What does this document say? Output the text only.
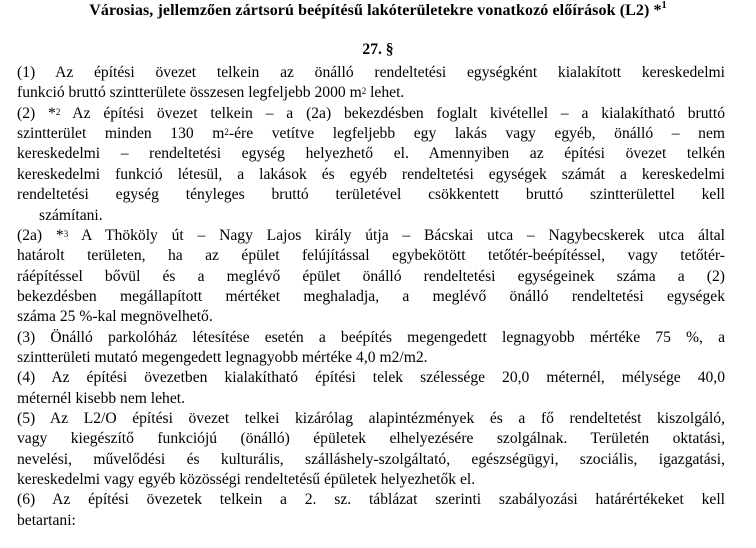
Városias, jellemzően zártsorú beépítésű lakóterületekre vonatkozó előírások (L2) *$^1$
27. §
(1) Az építési övezet telkein az önálló rendeltetési egységként kialakított kereskedelmi
funkció bruttó szintterülete összesen legfeljebb 2000 $m^2$ lehet.
(2) *$^2$ Az építési övezet telkein – a (2a) bekezdésben foglalt kivétellel – a kialakítható bruttó
szintterület minden 130 $m^2$-ére vetítve legfeljebb egy lakás vagy egyéb, önálló – nem
kereskedelmi – rendeltetési egység helyezhető el. Amennyiben az építési övezet telkén
kereskedelmi funkció létesül, a lakások és egyéb rendeltetési egységek számát a kereskedelmi
rendeltetési egység tényleges bruttó területével csökkentett bruttó szintterülettel kell
számítani.
(2a) *$^3$ A Thököly út – Nagy Lajos király útja – Bácskai utca – Nagybecskerek utca által
határolt területen, ha az épület felújítással egybekötött tetőtér-beépítéssel, vagy tetőtér-
ráépítéssel bővül és a meglévő épület önálló rendeltetési egységeinek száma a (2)
bekezdésben megállapított mértéket meghaladja, a meglévő önálló rendeltetési egységek
száma 25 %-kal megnövelhető.
(3) Önálló parkolóház létesítése esetén a beépítés megengedett legnagyobb mértéke 75 %, a
szintterületi mutató megengedett legnagyobb mértéke 4,0 m2/m2.
(4) Az építési övezetben kialakítható építési telek szélessége 20,0 méternél, mélysége 40,0
méternél kisebb nem lehet.
(5) Az L2/O építési övezet telkei kizárólag alapintézmények és a fő rendeltetést kiszolgáló,
vagy kiegészítő funkciójú (önálló) épületek elhelyezésére szolgálnak. Területén oktatási,
nevelési, művelődési és kulturális, szálláshely-szolgáltató, egészségügyi, szociális, igazgatási,
kereskedelmi vagy egyéb közösségi rendeltetésű épületek helyezhetők el.
(6) Az építési övezetek telkein a 2. sz. táblázat szerinti szabályozási határértékeket kell
betartani:
